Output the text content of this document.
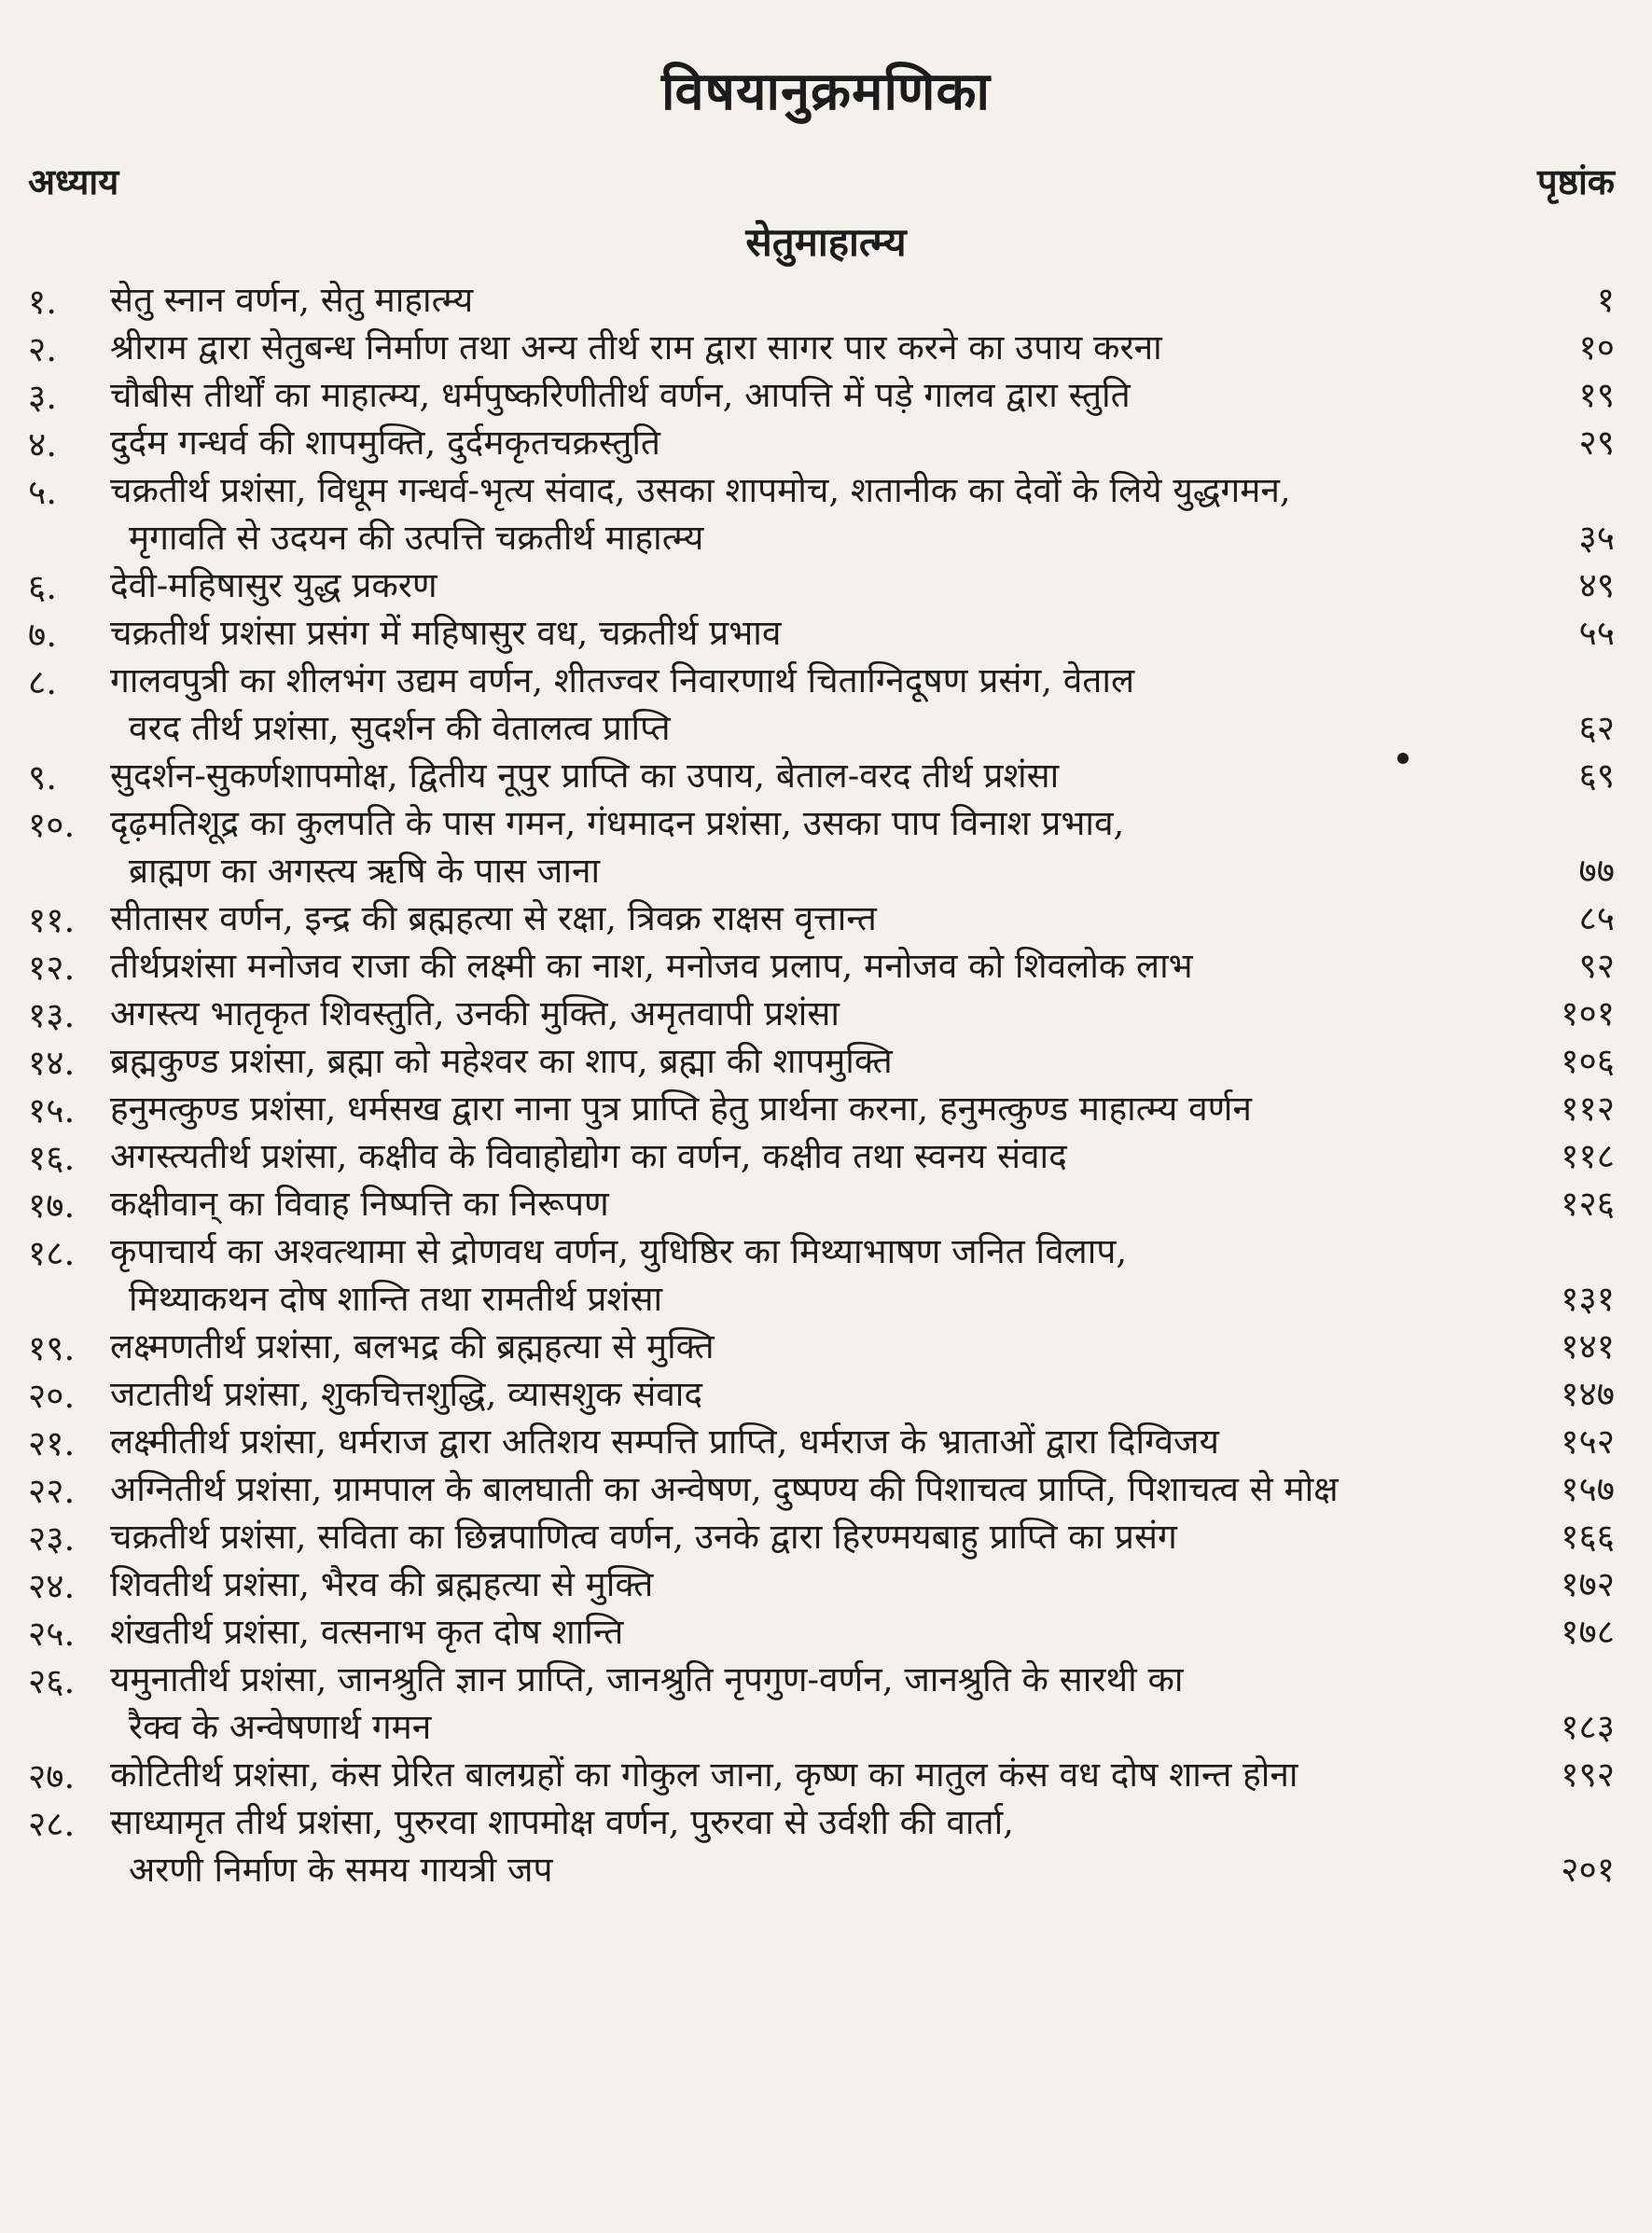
विषयानुक्रमणिका
अध्याय	पृष्ठांक
सेतुमाहात्म्य
१.	सेतु स्नान वर्णन, सेतु माहात्म्य	१
२.	श्रीराम द्वारा सेतुबन्ध निर्माण तथा अन्य तीर्थ राम द्वारा सागर पार करने का उपाय करना	१०
३.	चौबीस तीर्थों का माहात्म्य, धर्मपुष्करिणीतीर्थ वर्णन, आपत्ति में पड़े गालव द्वारा स्तुति	१९
४.	दुर्दम गन्धर्व की शापमुक्ति, दुर्दमकृतचक्रस्तुति	२९
५.	चक्रतीर्थ प्रशंसा, विधूम गन्धर्व-भृत्य संवाद, उसका शापमोच, शतानीक का देवों के लिये युद्धगमन,
मृगावति से उदयन की उत्पत्ति चक्रतीर्थ माहात्म्य	३५
६.	देवी-महिषासुर युद्ध प्रकरण	४९
७.	चक्रतीर्थ प्रशंसा प्रसंग में महिषासुर वध, चक्रतीर्थ प्रभाव	५५
८.	गालवपुत्री का शीलभंग उद्यम वर्णन, शीतज्वर निवारणार्थ चिताग्निदूषण प्रसंग, वेताल
वरद तीर्थ प्रशंसा, सुदर्शन की वेतालत्व प्राप्ति	६२
९.	सुदर्शन-सुकर्णशापमोक्ष, द्वितीय नूपुर प्राप्ति का उपाय, बेताल-वरद तीर्थ प्रशंसा	६९
१०.	दृढ़मतिशूद्र का कुलपति के पास गमन, गंधमादन प्रशंसा, उसका पाप विनाश प्रभाव,
ब्राह्मण का अगस्त्य ऋषि के पास जाना	७७
११.	सीतासर वर्णन, इन्द्र की ब्रह्महत्या से रक्षा, त्रिवक्र राक्षस वृत्तान्त	८५
१२.	तीर्थप्रशंसा मनोजव राजा की लक्ष्मी का नाश, मनोजव प्रलाप, मनोजव को शिवलोक लाभ	९२
१३.	अगस्त्य भातृकृत शिवस्तुति, उनकी मुक्ति, अमृतवापी प्रशंसा	१०१
१४.	ब्रह्मकुण्ड प्रशंसा, ब्रह्मा को महेश्वर का शाप, ब्रह्मा की शापमुक्ति	१०६
१५.	हनुमत्कुण्ड प्रशंसा, धर्मसख द्वारा नाना पुत्र प्राप्ति हेतु प्रार्थना करना, हनुमत्कुण्ड माहात्म्य वर्णन	११२
१६.	अगस्त्यतीर्थ प्रशंसा, कक्षीव के विवाहोद्योग का वर्णन, कक्षीव तथा स्वनय संवाद	११८
१७.	कक्षीवान् का विवाह निष्पत्ति का निरूपण	१२६
१८.	कृपाचार्य का अश्वत्थामा से द्रोणवध वर्णन, युधिष्ठिर का मिथ्याभाषण जनित विलाप,
मिथ्याकथन दोष शान्ति तथा रामतीर्थ प्रशंसा	१३१
१९.	लक्ष्मणतीर्थ प्रशंसा, बलभद्र की ब्रह्महत्या से मुक्ति	१४१
२०.	जटातीर्थ प्रशंसा, शुकचित्तशुद्धि, व्यासशुक संवाद	१४७
२१.	लक्ष्मीतीर्थ प्रशंसा, धर्मराज द्वारा अतिशय सम्पत्ति प्राप्ति, धर्मराज के भ्राताओं द्वारा दिग्विजय	१५२
२२.	अग्नितीर्थ प्रशंसा, ग्रामपाल के बालघाती का अन्वेषण, दुष्पण्य की पिशाचत्व प्राप्ति, पिशाचत्व से मोक्ष	१५७
२३.	चक्रतीर्थ प्रशंसा, सविता का छिन्नपाणित्व वर्णन, उनके द्वारा हिरण्मयबाहु प्राप्ति का प्रसंग	१६६
२४.	शिवतीर्थ प्रशंसा, भैरव की ब्रह्महत्या से मुक्ति	१७२
२५.	शंखतीर्थ प्रशंसा, वत्सनाभ कृत दोष शान्ति	१७८
२६.	यमुनातीर्थ प्रशंसा, जानश्रुति ज्ञान प्राप्ति, जानश्रुति नृपगुण-वर्णन, जानश्रुति के सारथी का
रैक्व के अन्वेषणार्थ गमन	१८३
२७.	कोटितीर्थ प्रशंसा, कंस प्रेरित बालग्रहों का गोकुल जाना, कृष्ण का मातुल कंस वध दोष शान्त होना	१९२
२८.	साध्यामृत तीर्थ प्रशंसा, पुरुरवा शापमोक्ष वर्णन, पुरुरवा से उर्वशी की वार्ता,
अरणी निर्माण के समय गायत्री जप	२०१
